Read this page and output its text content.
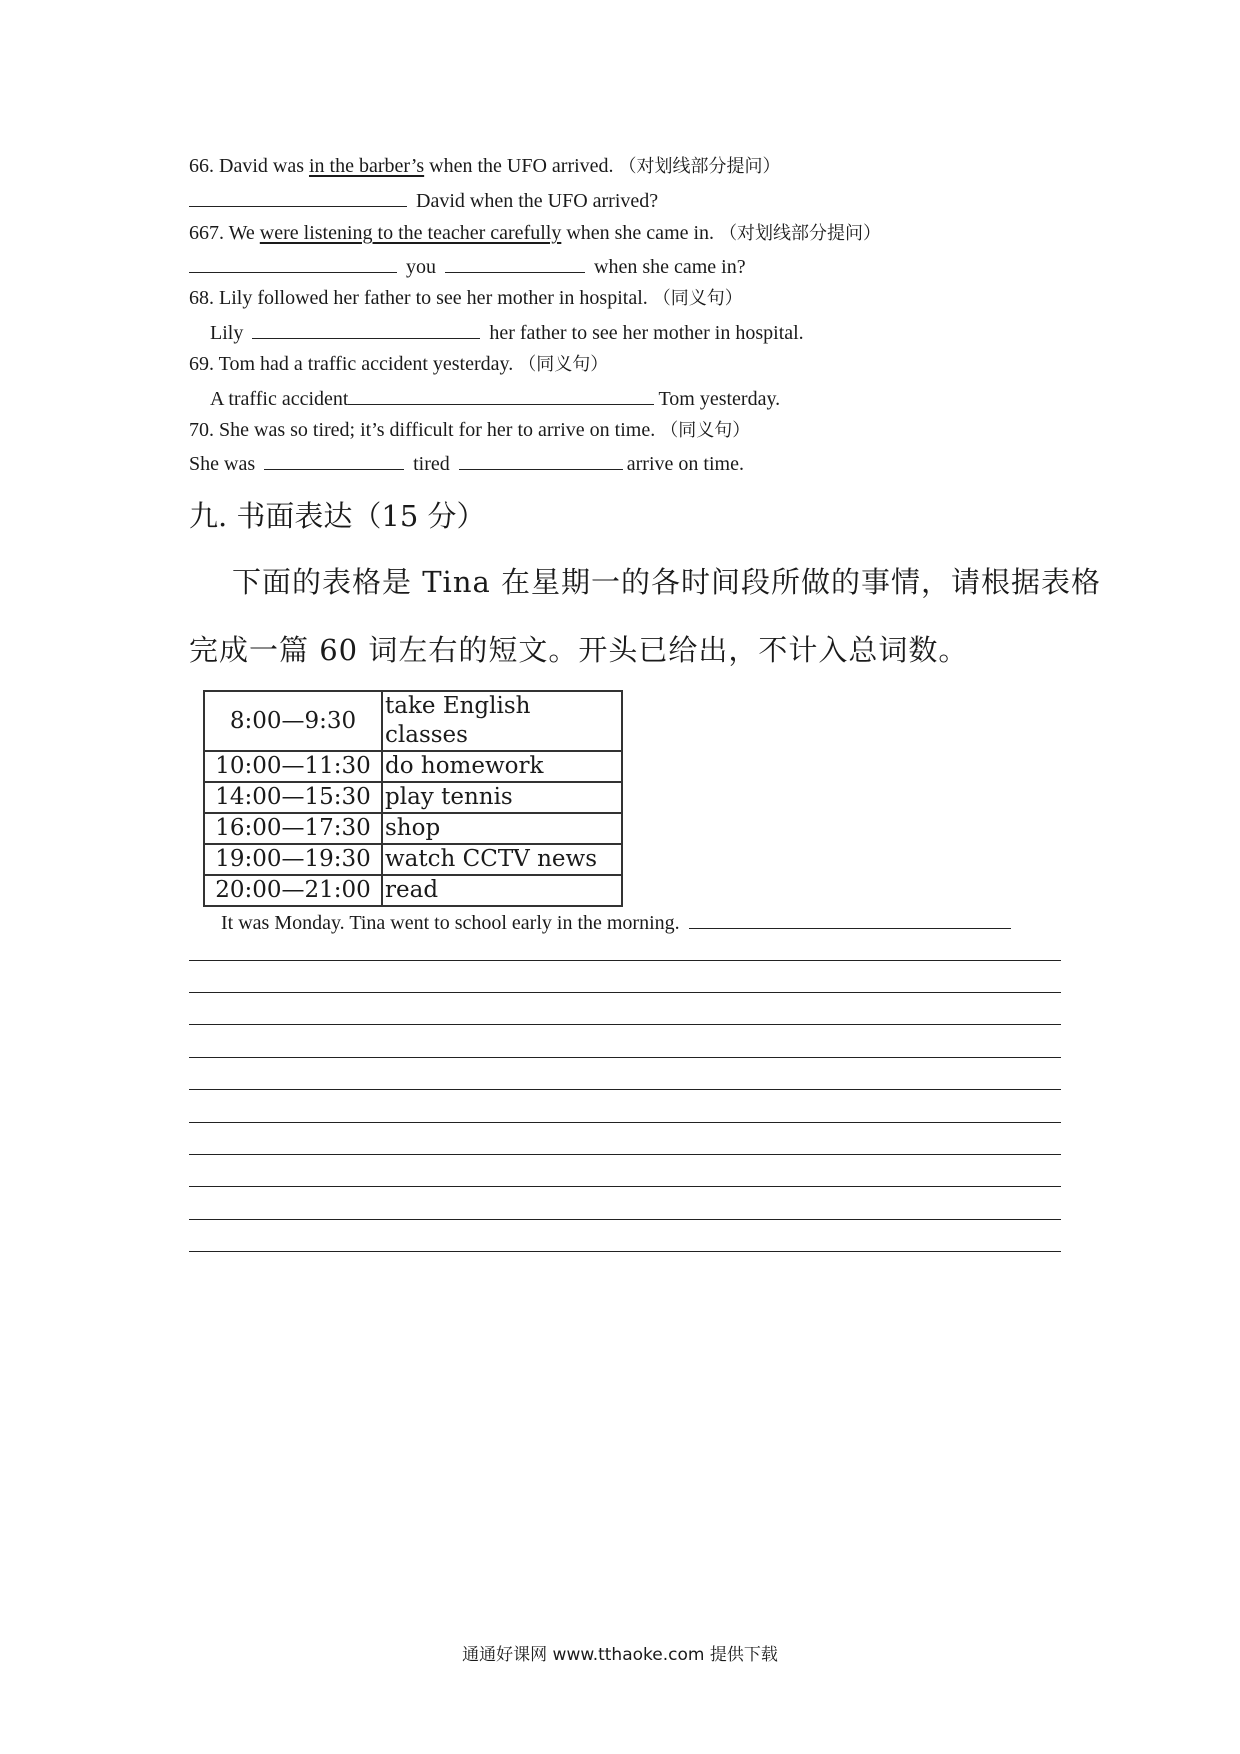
66. David was in the barber’s when the UFO arrived. （对划线部分提问）
David when the UFO arrived?
667. We were listening to the teacher carefully when she came in. （对划线部分提问）
you	when she came in?
68. Lily followed her father to see her mother in hospital. （同义句）
Lily	her father to see her mother in hospital.
69. Tom had a traffic accident yesterday. （同义句）
A traffic accident	Tom yesterday.
70. She was so tired; it’s difficult for her to arrive on time. （同义句）
She was	tired	arrive on time.
九. 书面表达（15 分）
下面的表格是 Tina 在星期一的各时间段所做的事情，请根据表格
完成一篇 60 词左右的短文。开头已给出，不计入总词数。
8:00—9:30	take English classes
10:00—11:30	do homework
14:00—15:30	play tennis
16:00—17:30	shop
19:00—19:30	watch CCTV news
20:00—21:00	read
It was Monday. Tina went to school early in the morning.
通通好课网 www.tthaoke.com 提供下载
